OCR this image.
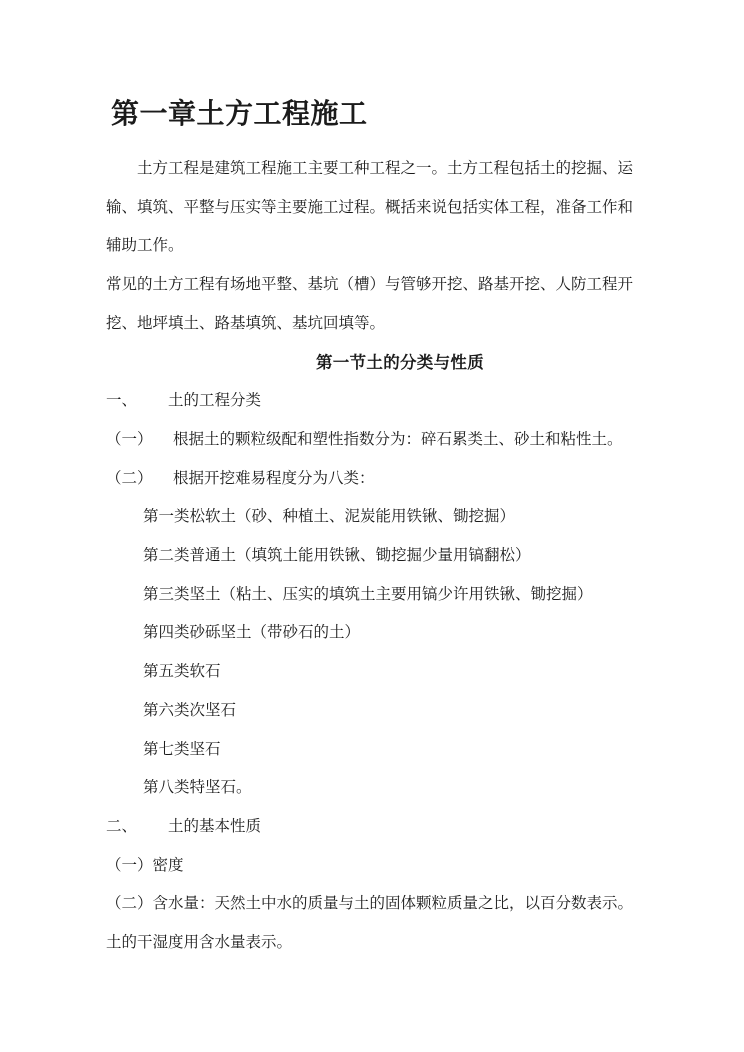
第一章土方工程施工
土方工程是建筑工程施工主要工种工程之一。土方工程包括土的挖掘、运
输、填筑、平整与压实等主要施工过程。概括来说包括实体工程，准备工作和
辅助工作。
常见的土方工程有场地平整、基坑（槽）与管够开挖、路基开挖、人防工程开
挖、地坪填土、路基填筑、基坑回填等。
第一节土的分类与性质
一、 土的工程分类
（一） 根据土的颗粒级配和塑性指数分为：碎石累类土、砂土和粘性土。
（二） 根据开挖难易程度分为八类：
第一类松软土（砂、种植土、泥炭能用铁锹、锄挖掘）
第二类普通土（填筑土能用铁锹、锄挖掘少量用镐翻松）
第三类坚土（粘土、压实的填筑土主要用镐少许用铁锹、锄挖掘）
第四类砂砾坚土（带砂石的土）
第五类软石
第六类次坚石
第七类坚石
第八类特坚石。
二、 土的基本性质
（一）密度
（二）含水量：天然土中水的质量与土的固体颗粒质量之比，以百分数表示。
土的干湿度用含水量表示。
